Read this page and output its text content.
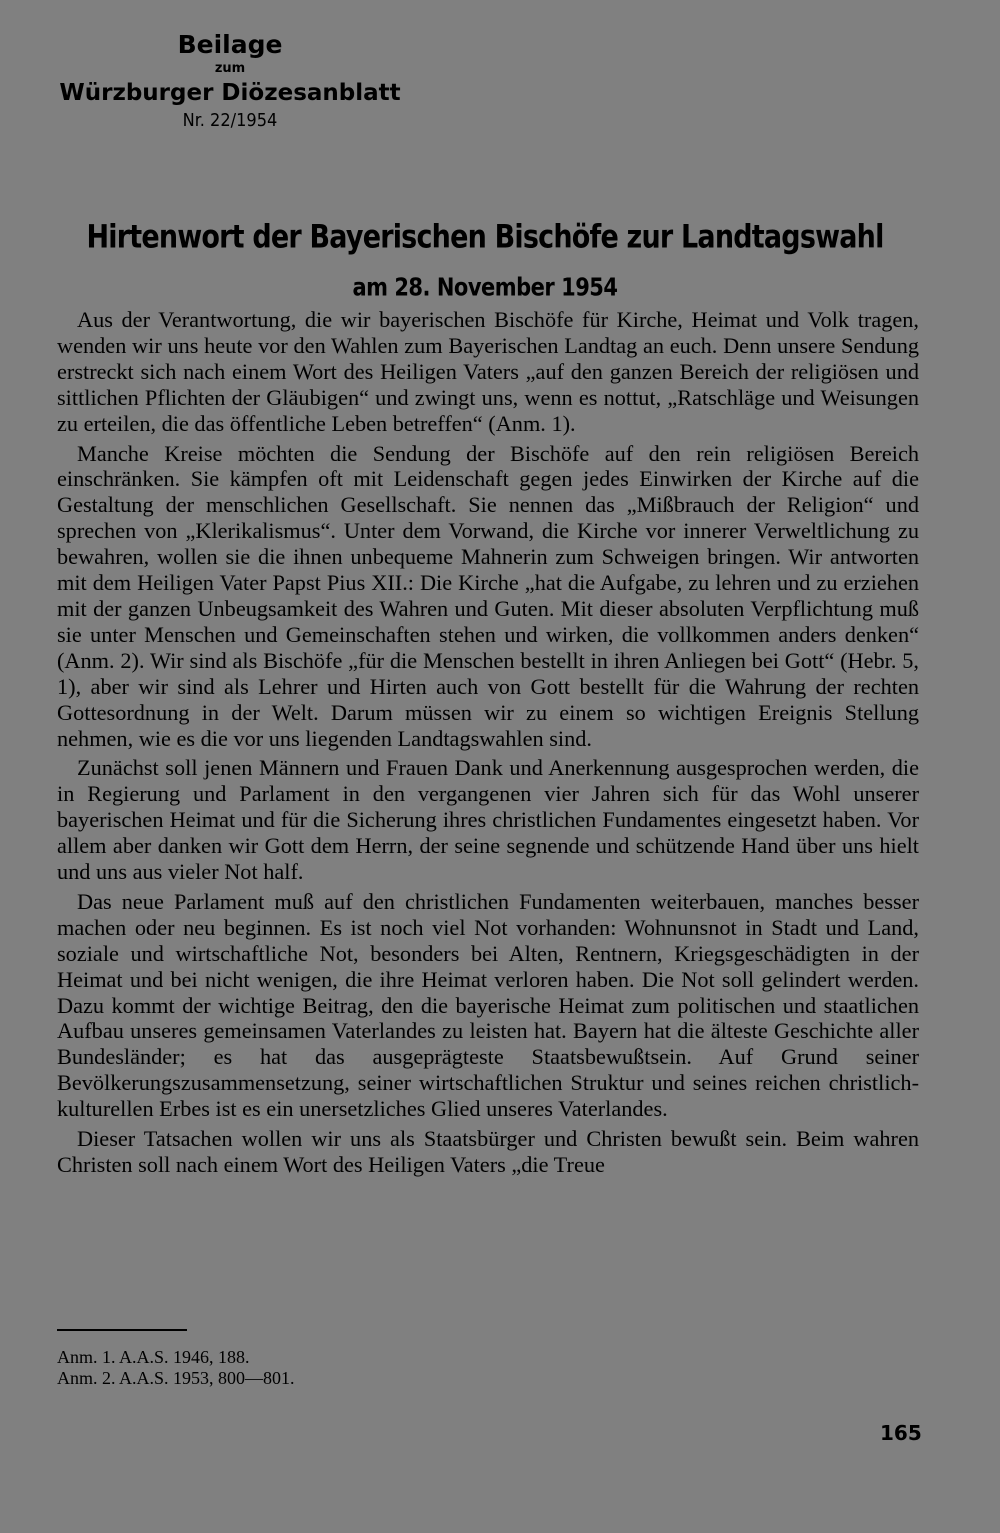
Beilage
zum
Würzburger Diözesanblatt
Nr. 22/1954
Hirtenwort der Bayerischen Bischöfe zur Landtagswahl
am 28. November 1954

Aus der Verantwortung, die wir bayerischen Bischöfe für Kirche, Heimat und Volk tragen, wenden wir uns heute vor den Wahlen zum Bayerischen Landtag an euch. Denn unsere Sendung erstreckt sich nach einem Wort des Heiligen Vaters „auf den ganzen Bereich der religiösen und sittlichen Pflichten der Gläubigen“ und zwingt uns, wenn es nottut, „Ratschläge und Weisungen zu erteilen, die das öffentliche Leben betreffen“ (Anm. 1).

Manche Kreise möchten die Sendung der Bischöfe auf den rein religiösen Bereich einschränken. Sie kämpfen oft mit Leidenschaft gegen jedes Einwirken der Kirche auf die Gestaltung der menschlichen Gesellschaft. Sie nennen das „Mißbrauch der Religion“ und sprechen von „Klerikalismus“. Unter dem Vorwand, die Kirche vor innerer Verweltlichung zu bewahren, wollen sie die ihnen unbequeme Mahnerin zum Schweigen bringen. Wir antworten mit dem Heiligen Vater Papst Pius XII.: Die Kirche „hat die Aufgabe, zu lehren und zu erziehen mit der ganzen Unbeugsamkeit des Wahren und Guten. Mit dieser absoluten Verpflichtung muß sie unter Menschen und Gemeinschaften stehen und wirken, die vollkommen anders denken“ (Anm. 2). Wir sind als Bischöfe „für die Menschen bestellt in ihren Anliegen bei Gott“ (Hebr. 5, 1), aber wir sind als Lehrer und Hirten auch von Gott bestellt für die Wahrung der rechten Gottesordnung in der Welt. Darum müssen wir zu einem so wichtigen Ereignis Stellung nehmen, wie es die vor uns liegenden Landtagswahlen sind.

Zunächst soll jenen Männern und Frauen Dank und Anerkennung ausgesprochen werden, die in Regierung und Parlament in den vergangenen vier Jahren sich für das Wohl unserer bayerischen Heimat und für die Sicherung ihres christlichen Fundamentes eingesetzt haben. Vor allem aber danken wir Gott dem Herrn, der seine segnende und schützende Hand über uns hielt und uns aus vieler Not half.

Das neue Parlament muß auf den christlichen Fundamenten weiterbauen, manches besser machen oder neu beginnen. Es ist noch viel Not vorhanden: Wohnunsnot in Stadt und Land, soziale und wirtschaftliche Not, besonders bei Alten, Rentnern, Kriegsgeschädigten in der Heimat und bei nicht wenigen, die ihre Heimat verloren haben. Die Not soll gelindert werden. Dazu kommt der wichtige Beitrag, den die bayerische Heimat zum politischen und staatlichen Aufbau unseres gemeinsamen Vaterlandes zu leisten hat. Bayern hat die älteste Geschichte aller Bundesländer; es hat das ausgeprägteste Staatsbewußtsein. Auf Grund seiner Bevölkerungszusammensetzung, seiner wirtschaftlichen Struktur und seines reichen christlich-kulturellen Erbes ist es ein unersetzliches Glied unseres Vaterlandes.

Dieser Tatsachen wollen wir uns als Staatsbürger und Christen bewußt sein. Beim wahren Christen soll nach einem Wort des Heiligen Vaters „die Treue

Anm. 1. A.A.S. 1946, 188.
Anm. 2. A.A.S. 1953, 800—801.
165
